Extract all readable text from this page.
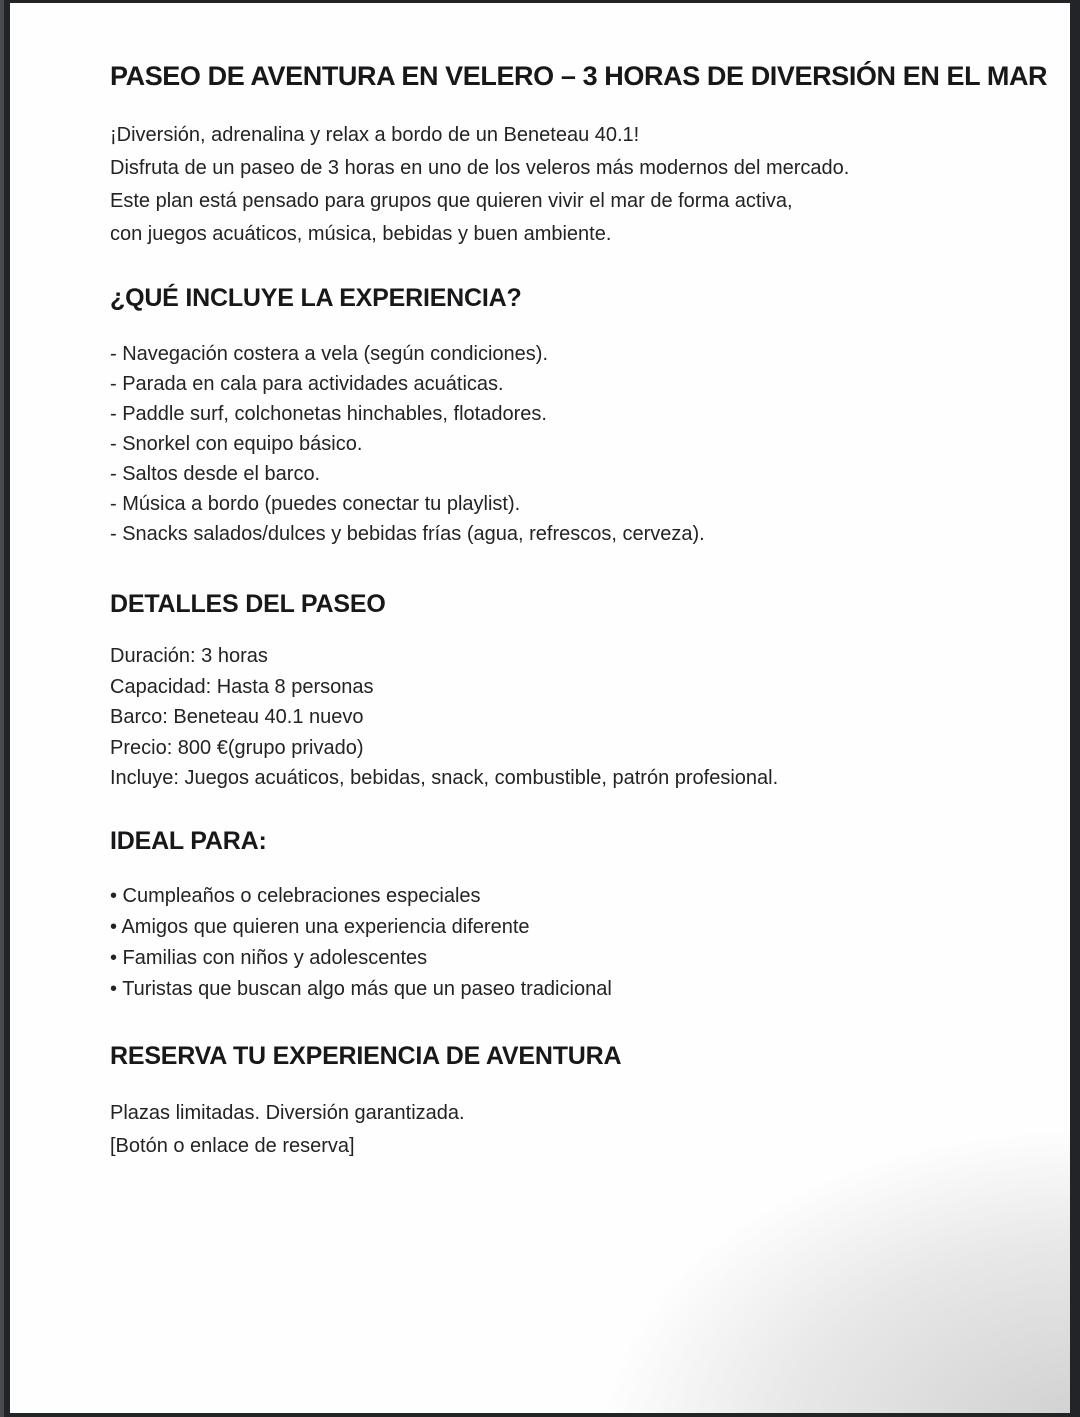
PASEO DE AVENTURA EN VELERO – 3 HORAS DE DIVERSIÓN EN EL MAR
¡Diversión, adrenalina y relax a bordo de un Beneteau 40.1!
Disfruta de un paseo de 3 horas en uno de los veleros más modernos del mercado.
Este plan está pensado para grupos que quieren vivir el mar de forma activa,
con juegos acuáticos, música, bebidas y buen ambiente.
¿QUÉ INCLUYE LA EXPERIENCIA?
- Navegación costera a vela (según condiciones).
- Parada en cala para actividades acuáticas.
- Paddle surf, colchonetas hinchables, flotadores.
- Snorkel con equipo básico.
- Saltos desde el barco.
- Música a bordo (puedes conectar tu playlist).
- Snacks salados/dulces y bebidas frías (agua, refrescos, cerveza).
DETALLES DEL PASEO
Duración: 3 horas
Capacidad: Hasta 8 personas
Barco: Beneteau 40.1 nuevo
Precio: 800 €(grupo privado)
Incluye: Juegos acuáticos, bebidas, snack, combustible, patrón profesional.
IDEAL PARA:
• Cumpleaños o celebraciones especiales
• Amigos que quieren una experiencia diferente
• Familias con niños y adolescentes
• Turistas que buscan algo más que un paseo tradicional
RESERVA TU EXPERIENCIA DE AVENTURA
Plazas limitadas. Diversión garantizada.
[Botón o enlace de reserva]
